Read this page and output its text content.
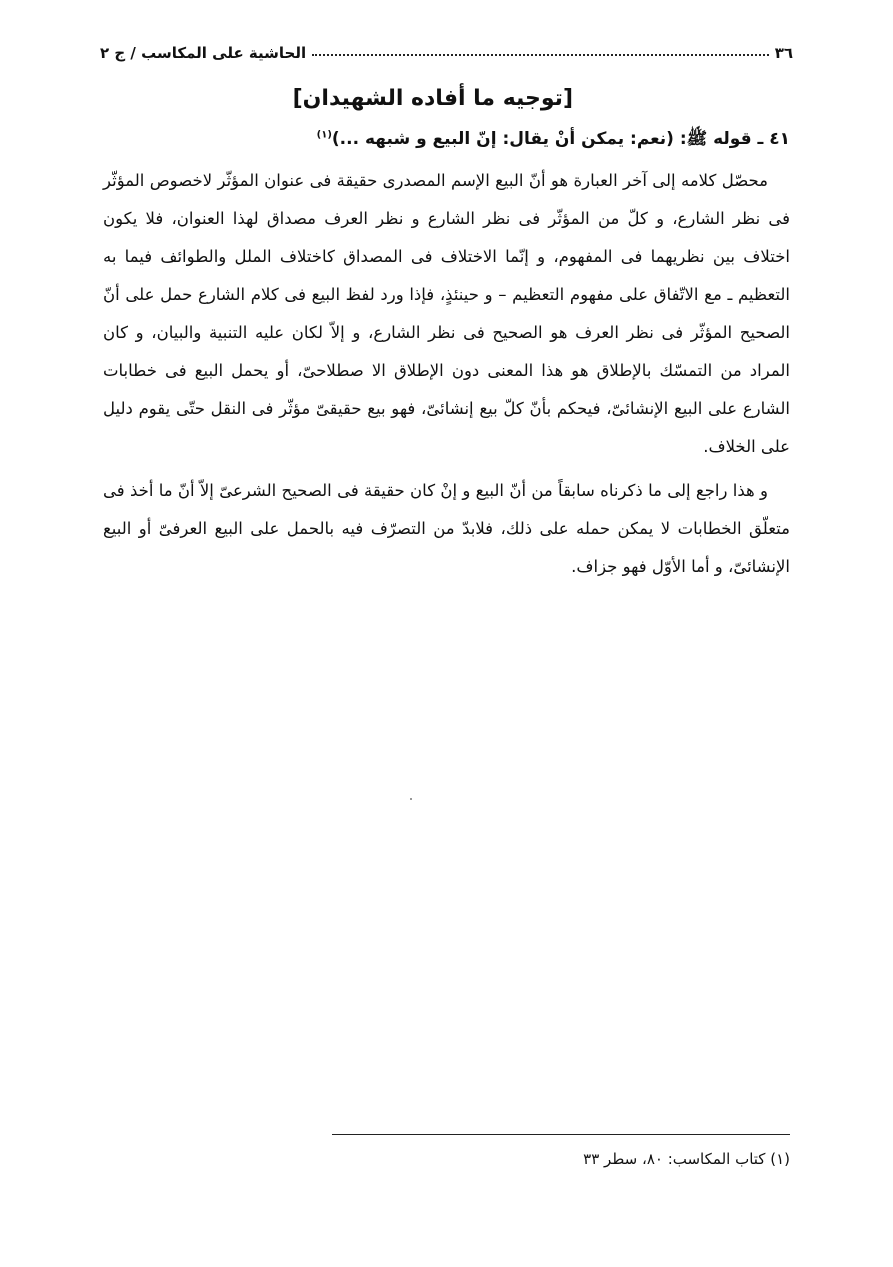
٣٦
الحاشية على المكاسب / ج ٢
[توجيه ما أفاده الشهيدان]
٤١ ـ قوله ﷺ: (نعم: يمكن أنْ يقال: إنّ البيع و شبهه ...)$^{(١)}$

محصّل كلامه إلى آخر العبارة هو أنّ البيع الإسم المصدرى حقيقة فى عنوان المؤثّر لاخصوص المؤثّر فى نظر الشارع، و كلّ من المؤثّر فى نظر الشارع و نظر العرف مصداق لهذا العنوان، فلا يكون اختلاف بين نظريهما فى المفهوم، و إنّما الاختلاف فى المصداق كاختلاف الملل والطوائف فيما به التعظيم ـ مع الاتّفاق على مفهوم التعظيم – و حينئذٍ، فإذا ورد لفظ البيع فى كلام الشارع حمل على أنّ الصحيح المؤثّر فى نظر العرف هو الصحيح فى نظر الشارع، و إلاّ لكان عليه التنبية والبيان، و كان المراد من التمسّك بالإطلاق هو هذا المعنى دون الإطلاق الا صطلاحىّ، أو يحمل البيع فى خطابات الشارع على البيع الإنشائىّ، فيحكم بأنّ كلّ بيع إنشائىّ، فهو بيع حقيقىّ مؤثّر فى النقل حتّى يقوم دليل على الخلاف.

و هذا راجع إلى ما ذكرناه سابقاً من أنّ البيع و إنْ كان حقيقة فى الصحيح الشرعىّ إلاّ أنّ ما أخذ فى متعلّق الخطابات لا يمكن حمله على ذلك، فلابدّ من التصرّف فيه بالحمل على البيع العرفىّ أو البيع الإنشائىّ، و أما الأوّل فهو جزاف.

(١) كتاب المكاسب: ٨٠، سطر ٣٣
